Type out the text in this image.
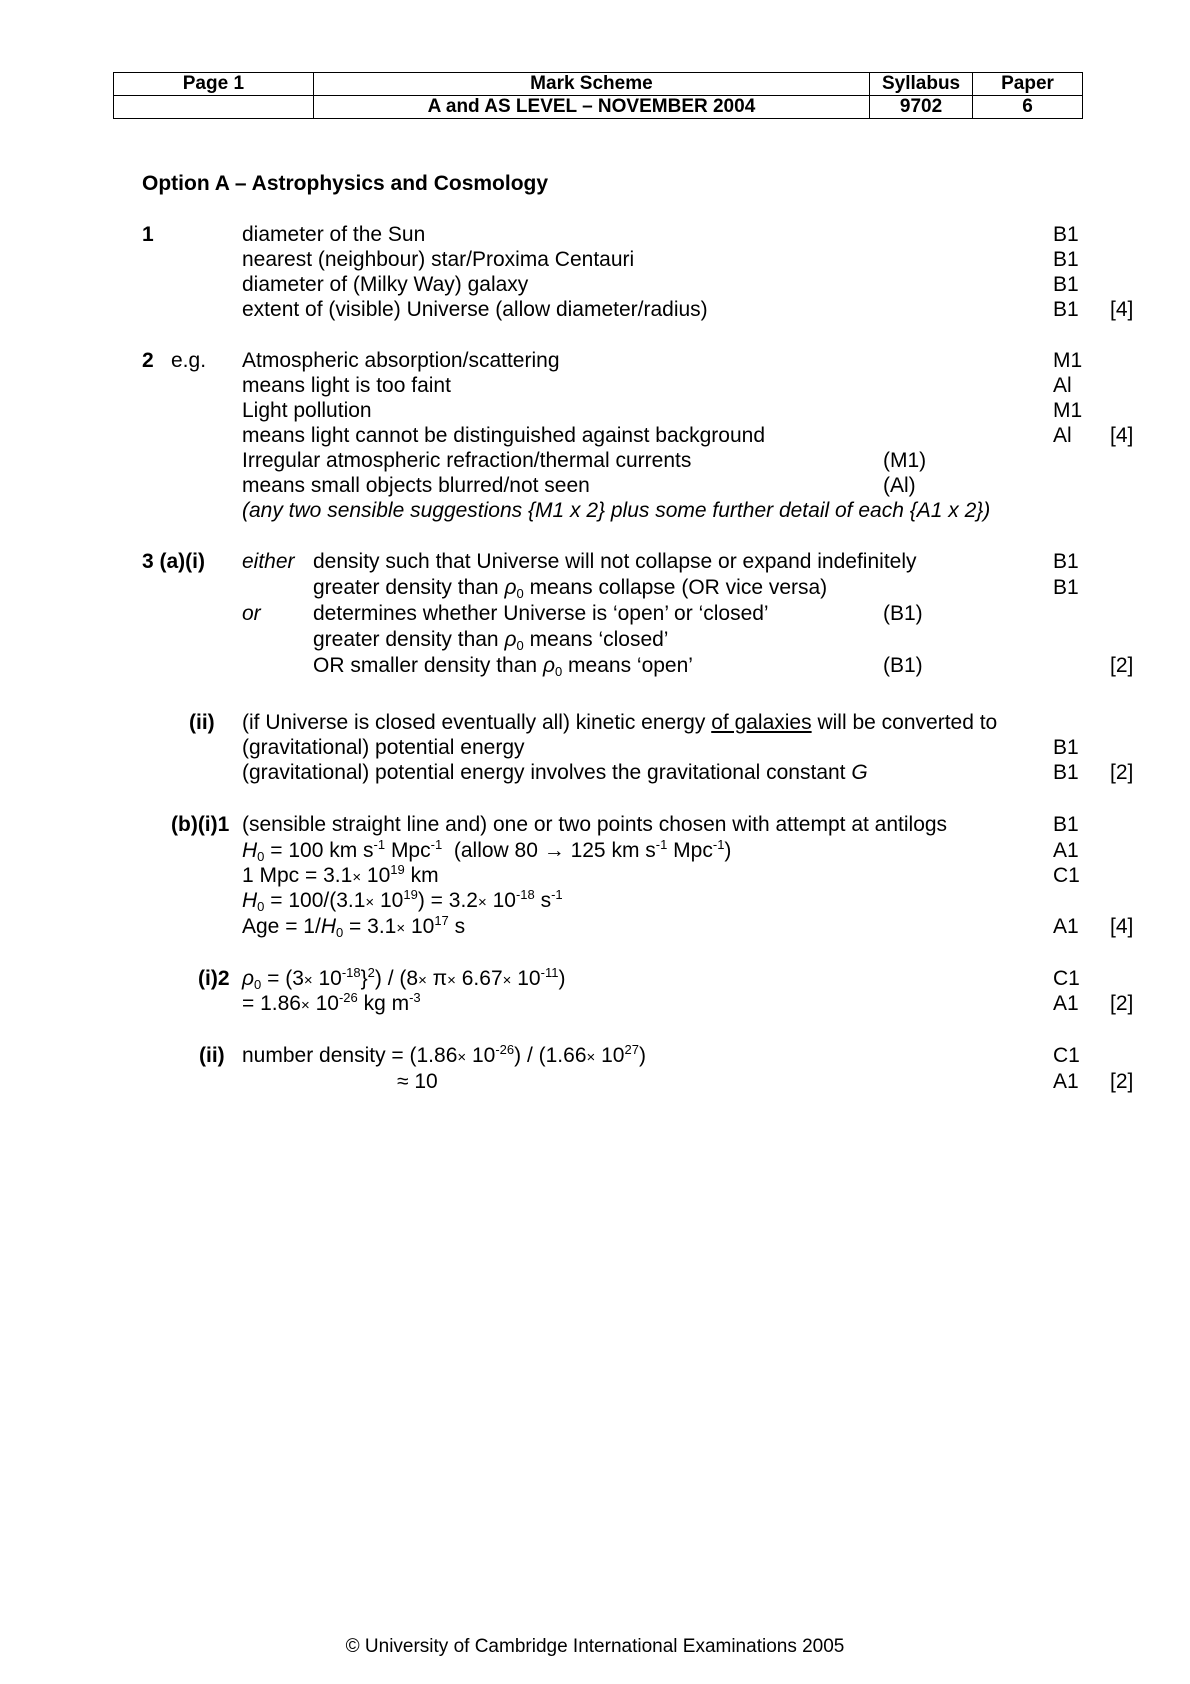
Page 1	Mark Scheme	Syllabus	Paper
	A and AS LEVEL – NOVEMBER 2004	9702	6
Option A – Astrophysics and Cosmology
1	diameter of the Sun	B1
nearest (neighbour) star/Proxima Centauri	B1
diameter of (Milky Way) galaxy	B1
extent of (visible) Universe (allow diameter/radius)	B1 [4]
2 e.g. Atmospheric absorption/scattering	M1
means light is too faint	Al
Light pollution	M1
means light cannot be distinguished against background	Al [4]
Irregular atmospheric refraction/thermal currents	(M1)
means small objects blurred/not seen	(Al)
(any two sensible suggestions {M1 x 2} plus some further detail of each {A1 x 2})
3 (a)(i) either density such that Universe will not collapse or expand indefinitely	B1
greater density than $\rho_0$ means collapse (OR vice versa)	B1
or determines whether Universe is ‘open’ or ‘closed’	(B1)
greater density than $\rho_0$ means ‘closed’
OR smaller density than $\rho_0$ means ‘open’	(B1)	[2]
(ii) (if Universe is closed eventually all) kinetic energy of galaxies will be converted to
(gravitational) potential energy	B1
(gravitational) potential energy involves the gravitational constant G	B1 [2]
(b)(i)1 (sensible straight line and) one or two points chosen with attempt at antilogs	B1
$H_0 = 100$ km $s^{-1}$ Mpc$^{-1}$  (allow 80 → 125 km $s^{-1}$ Mpc$^{-1}$)	A1
1 Mpc = $3.1\times 10^{19}$ km	C1
$H_0 = 100/(3.1\times 10^{19}) = 3.2\times 10^{-18}$ $s^{-1}$
Age = $1/H_0 = 3.1\times 10^{17}$ s	A1 [4]
(i)2 $\rho_0 = (3\times 10^{-18}\}^2) / (8\times \pi\times 6.67\times 10^{-11})$	C1
= $1.86\times 10^{-26}$ kg $m^{-3}$	A1 [2]
(ii) number density = $(1.86\times 10^{-26}) / (1.66\times 10^{27})$	C1
≈ 10	A1 [2]
© University of Cambridge International Examinations 2005
